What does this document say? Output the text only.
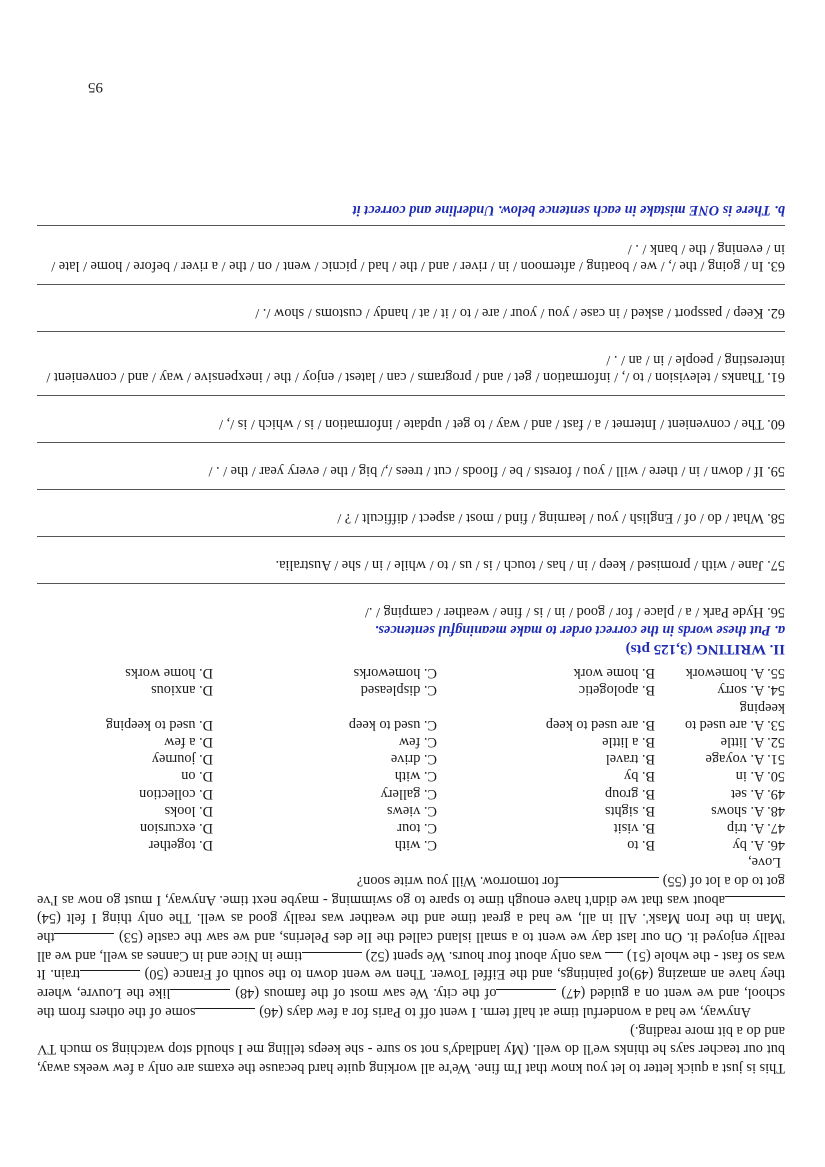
This is just a quick letter to let you know that I'm fine. We're all working quite hard because the exams are only a few weeks away, but our teacher says he thinks we'll do well. (My landlady's not so sure - she keeps telling me I should stop watching so much TV and do a bit more reading.)

Anyway, we had a wonderful time at half term. I went off to Paris for a few days (46) some of the others from the school, and we went on a guided (47) of the city. We saw most of the famous (48) like the Louvre, where they have an amazing (49)of paintings, and the Eiffel Tower. Then we went down to the south of France (50) train. It was so fast - the whole (51)  was only about four hours. We spent (52) time in Nice and in Cannes as well, and we all really enjoyed it. On our last day we went to a small island called the Ile des Pelerins, and we saw the castle (53) the 'Man in the Iron Mask'. All in all, we had a great time and the weather was really good as well. The only thing I felt (54) about was that we didn't have enough time to spare to go swimming - maybe next time. Anyway, I must go now as I've got to do a lot of (55) for tomorrow. Will you write soon?

Love,

46. A. by
B. to
C. with
D. together
47. A. trip
B. visit
C. tour
D. excursion
48. A. shows
B. sights
C. views
D. looks
49. A. set
B. group
C. gallery
D. collection
50. A. in
B. by
C. with
D. on
51. A. voyage
B. travel
C. drive
D. journey
52. A. little
B. a little
C. few
D. a few
53. A. are used to keeping
B. are used to keep
C. used to keep
D. used to keeping
54. A. sorry
B. apologetic
C. displeased
D. anxious
55. A. homework
B. home work
C. homeworks
D. home works

II. WRITING (3,125 pts)

a. Put these words in the correct order to make meaningful sentences.

56. Hyde Park / a / place / for / good / in / is / fine / weather / camping / ./

57. Jane / with / promised / keep / in / has / touch / is / us / to / while / in / she / Australia.

58. What / do / of / English / you / learning / find / most / aspect / difficult / ? /

59. If / down / in / there / will / you / forests / be / floods / cut / trees /,/ big / the / every year / the / . /

60. The / convenient / Internet / a / fast / and / way / to get / update / information / is / which / is /, /

61. Thanks / television / to /, / information / get / and / programs / can / latest / enjoy / the / inexpensive / way / and / convenient / interesting / people / in / an / . /

62. Keep / passport / asked / in case / you / your / are / to / it / at / handy / customs / show /. /

63. In / going / the /, / we / boating / afternoon / in / river / and / the / had / picnic / went / on / the / a river / before / home / late / in / evening / the / bank / . /

b. There is ONE mistake in each sentence below. Underline and correct it

95
